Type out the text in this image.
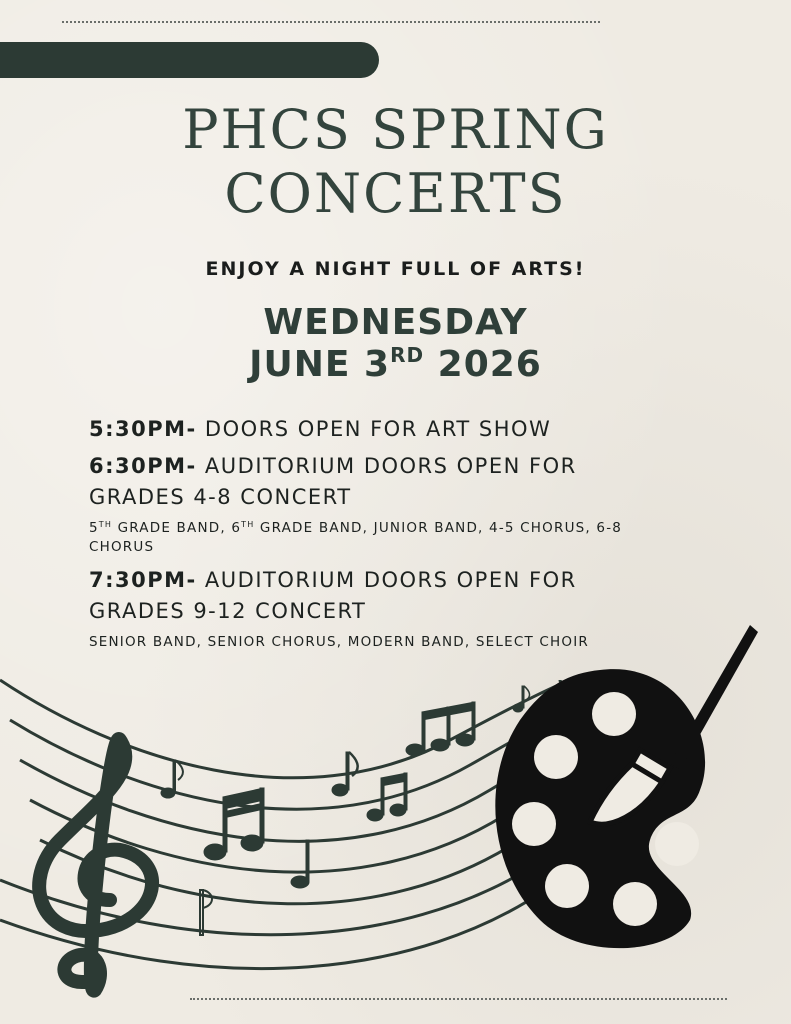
PHCS SPRING
CONCERTS
ENJOY A NIGHT FULL OF ARTS!
WEDNESDAY
JUNE 3RD 2026
5:30PM- DOORS OPEN FOR ART SHOW
6:30PM- AUDITORIUM DOORS OPEN FOR GRADES 4-8 CONCERT
5TH GRADE BAND, 6TH GRADE BAND, JUNIOR BAND, 4-5 CHORUS, 6-8 CHORUS
7:30PM- AUDITORIUM DOORS OPEN FOR GRADES 9-12 CONCERT
SENIOR BAND, SENIOR CHORUS, MODERN BAND, SELECT CHOIR
